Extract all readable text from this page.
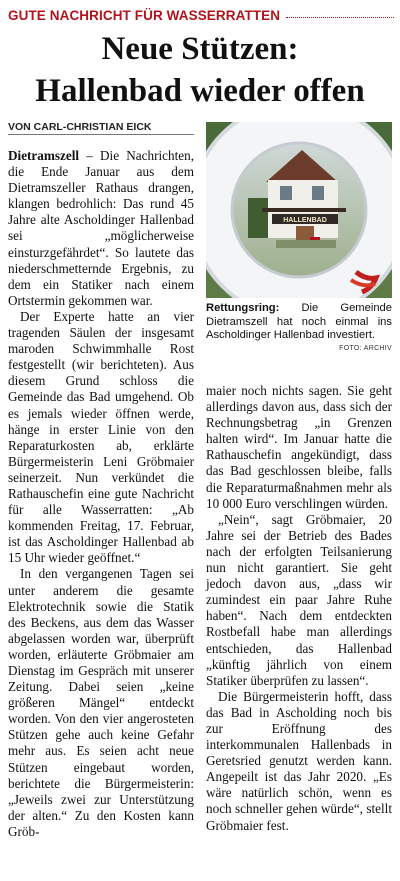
GUTE NACHRICHT FÜR WASSERRATTEN
Neue Stützen:
Hallenbad wieder offen
VON CARL-CHRISTIAN EICK

Dietramszell – Die Nachrichten, die Ende Januar aus dem Dietramszeller Rathaus drangen, klangen bedrohlich: Das rund 45 Jahre alte Ascholdinger Hallenbad sei „möglicherweise einsturzgefährdet“. So lautete das niederschmetternde Ergebnis, zu dem ein Statiker nach einem Ortstermin gekommen war.

Der Experte hatte an vier tragenden Säulen der insgesamt maroden Schwimmhalle Rost festgestellt (wir berichteten). Aus diesem Grund schloss die Gemeinde das Bad umgehend. Ob es jemals wieder öffnen werde, hänge in erster Linie von den Reparaturkosten ab, erklärte Bürgermeisterin Leni Gröbmaier seinerzeit. Nun verkündet die Rathauschefin eine gute Nachricht für alle Wasserratten: „Ab kommenden Freitag, 17. Februar, ist das Ascholdinger Hallenbad ab 15 Uhr wieder geöffnet.“

In den vergangenen Tagen sei unter anderem die gesamte Elektrotechnik sowie die Statik des Beckens, aus dem das Wasser abgelassen worden war, überprüft worden, erläuterte Gröbmaier am Dienstag im Gespräch mit unserer Zeitung. Dabei seien „keine größeren Mängel“ entdeckt worden. Von den vier angerosteten Stützen gehe auch keine Gefahr mehr aus. Es seien acht neue Stützen eingebaut worden, berichtete die Bürgermeisterin: „Jeweils zwei zur Unterstützung der alten.“ Zu den Kosten kann Gröb-

HALLENBAD
Rettungsring: Die Gemeinde Dietramszell hat noch einmal ins Ascholdinger Hallenbad investiert.
FOTO: ARCHIV

maier noch nichts sagen. Sie geht allerdings davon aus, dass sich der Rechnungsbetrag „in Grenzen halten wird“. Im Januar hatte die Rathauschefin angekündigt, dass das Bad geschlossen bleibe, falls die Reparaturmaßnahmen mehr als 10 000 Euro verschlingen würden.

„Nein“, sagt Gröbmaier, 20 Jahre sei der Betrieb des Bades nach der erfolgten Teilsanierung nun nicht garantiert. Sie geht jedoch davon aus, „dass wir zumindest ein paar Jahre Ruhe haben“. Nach dem entdeckten Rostbefall habe man allerdings entschieden, das Hallenbad „künftig jährlich von einem Statiker überprüfen zu lassen“.

Die Bürgermeisterin hofft, dass das Bad in Ascholding noch bis zur Eröffnung des interkommunalen Hallenbads in Geretsried genutzt werden kann. Angepeilt ist das Jahr 2020. „Es wäre natürlich schön, wenn es noch schneller gehen würde“, stellt Gröbmaier fest.
